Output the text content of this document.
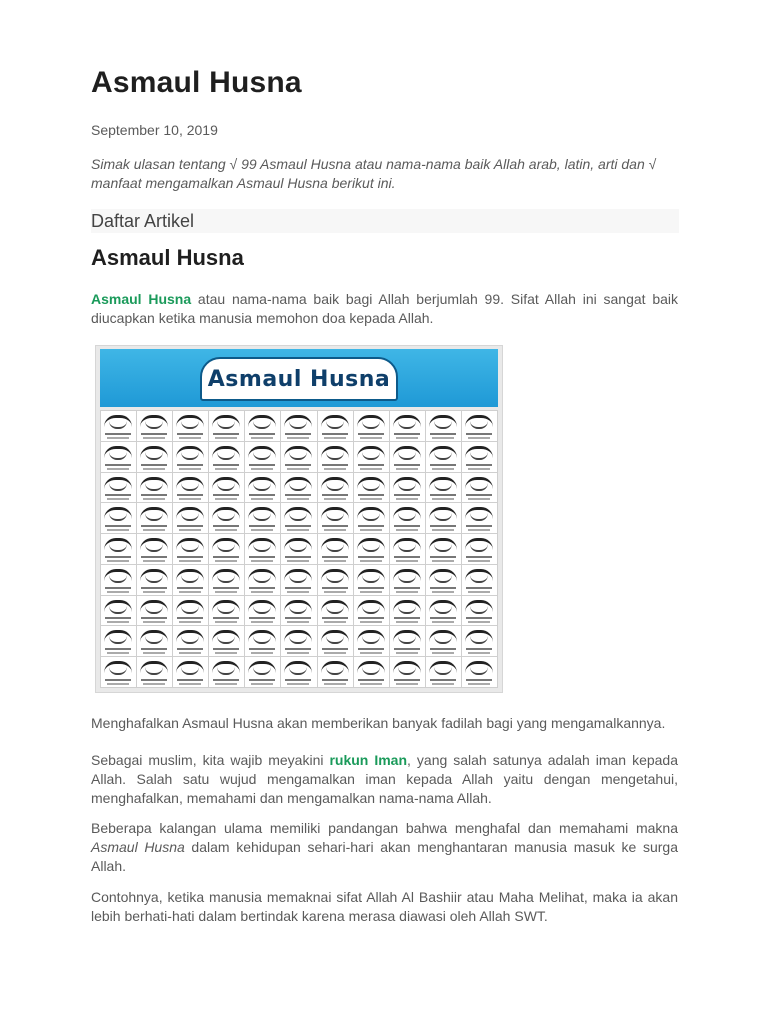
Asmaul Husna
September 10, 2019
Simak ulasan tentang √ 99 Asmaul Husna atau nama-nama baik Allah arab, latin, arti dan √ manfaat mengamalkan Asmaul Husna berikut ini.
Daftar Artikel
Asmaul Husna

Asmaul Husna atau nama-nama baik bagi Allah berjumlah 99. Sifat Allah ini sangat baik diucapkan ketika manusia memohon doa kepada Allah.

Asmaul Husna

Menghafalkan Asmaul Husna akan memberikan banyak fadilah bagi yang mengamalkannya.

Sebagai muslim, kita wajib meyakini rukun Iman, yang salah satunya adalah iman kepada Allah. Salah satu wujud mengamalkan iman kepada Allah yaitu dengan mengetahui, menghafalkan, memahami dan mengamalkan nama-nama Allah.

Beberapa kalangan ulama memiliki pandangan bahwa menghafal dan memahami makna Asmaul Husna dalam kehidupan sehari-hari akan menghantaran manusia masuk ke surga Allah.

Contohnya, ketika manusia memaknai sifat Allah Al Bashiir atau Maha Melihat, maka ia akan lebih berhati-hati dalam bertindak karena merasa diawasi oleh Allah SWT.
